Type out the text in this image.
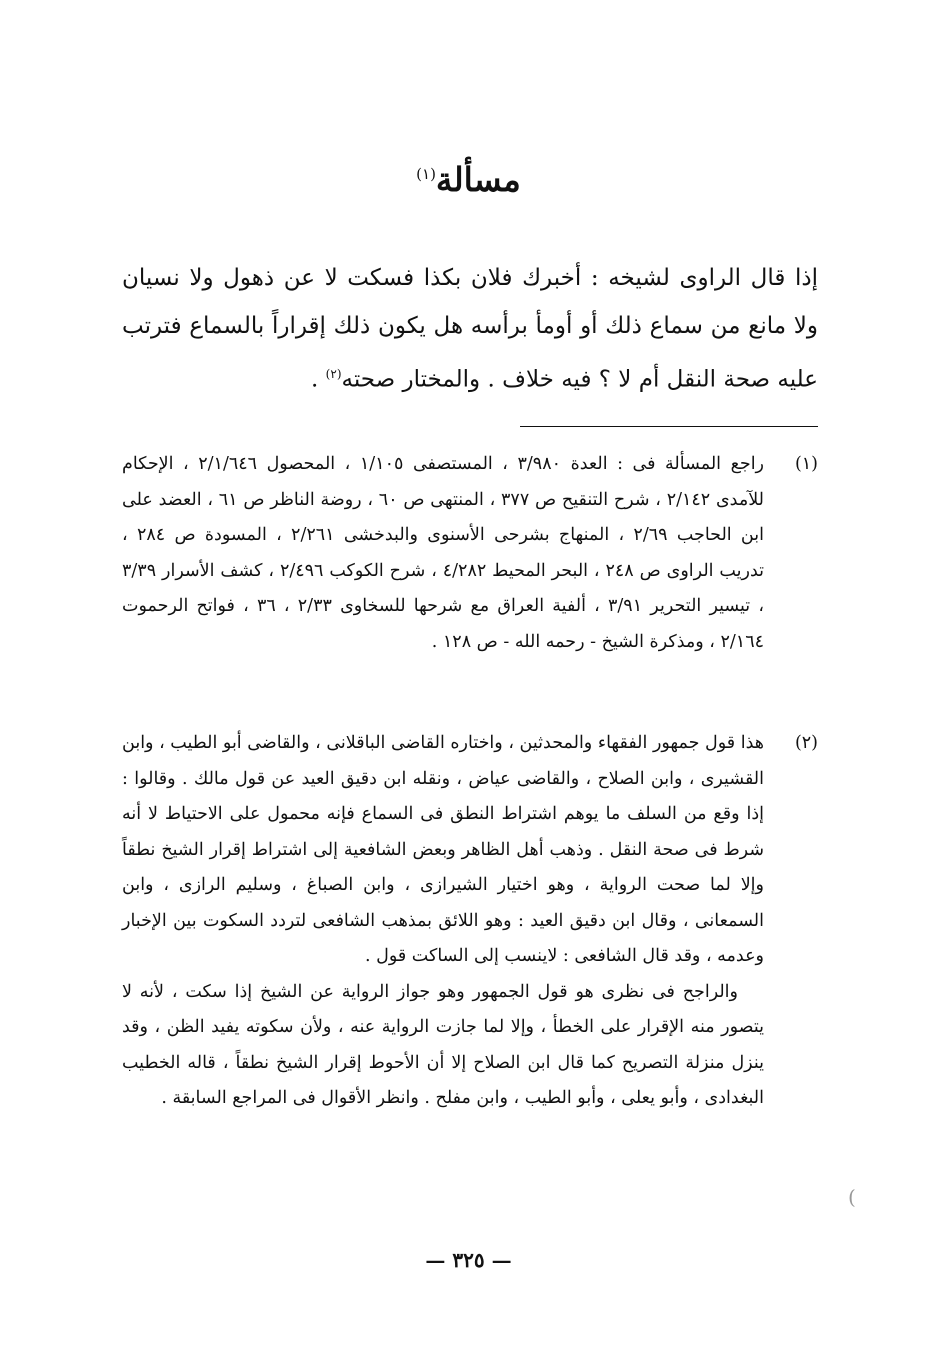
مسألة$^{(١)}$
إذا قال الراوى لشيخه : أخبرك فلان بكذا فسكت لا عن ذهول ولا نسيان ولا مانع من سماع ذلك أو أومأ برأسه هل يكون ذلك إقراراً بالسماع فترتب عليه صحة النقل أم لا ؟ فيه خلاف . والمختار صحته$^{(٢)}$ .
(١)
راجع المسألة فى : العدة ٣/٩٨٠ ، المستصفى ١/١٠٥ ، المحصول ٢/١/٦٤٦ ، الإحكام للآمدى ٢/١٤٢ ، شرح التنقيح ص ٣٧٧ ، المنتهى ص ٦٠ ، روضة الناظر ص ٦١ ، العضد على ابن الحاجب ٢/٦٩ ، المنهاج بشرحى الأسنوى والبدخشى ٢/٢٦١ ، المسودة ص ٢٨٤ ، تدريب الراوى ص ٢٤٨ ، البحر المحيط ٤/٢٨٢ ، شرح الكوكب ٢/٤٩٦ ، كشف الأسرار ٣/٣٩ ، تيسير التحرير ٣/٩١ ، ألفية العراق مع شرحها للسخاوى ٢/٣٣ ، ٣٦ ، فواتح الرحموت ٢/١٦٤ ، ومذكرة الشيخ - رحمه الله - ص ١٢٨ .
(٢)
هذا قول جمهور الفقهاء والمحدثين ، واختاره القاضى الباقلانى ، والقاضى أبو الطيب ، وابن القشيرى ، وابن الصلاح ، والقاضى عياض ، ونقله ابن دقيق العيد عن قول مالك . وقالوا : إذا وقع من السلف ما يوهم اشتراط النطق فى السماع فإنه محمول على الاحتياط لا أنه شرط فى صحة النقل . وذهب أهل الظاهر وبعض الشافعية إلى اشتراط إقرار الشيخ نطقاً وإلا لما صحت الرواية ، وهو اختيار الشيرازى ، وابن الصباغ ، وسليم الرازى ، وابن السمعانى ، وقال ابن دقيق العيد : وهو اللائق بمذهب الشافعى لتردد السكوت بين الإخبار وعدمه ، وقد قال الشافعى : لاينسب إلى الساكت قول .
والراجح فى نظرى هو قول الجمهور وهو جواز الرواية عن الشيخ إذا سكت ، لأنه لا يتصور منه الإقرار على الخطأ ، وإلا لما جازت الرواية عنه ، ولأن سكوته يفيد الظن ، وقد ينزل منزلة التصريح كما قال ابن الصلاح إلا أن الأحوط إقرار الشيخ نطقاً ، قاله الخطيب البغدادى ، وأبو يعلى ، وأبو الطيب ، وابن مفلح . وانظر الأقوال فى المراجع السابقة .
(
— ٣٢٥ —
